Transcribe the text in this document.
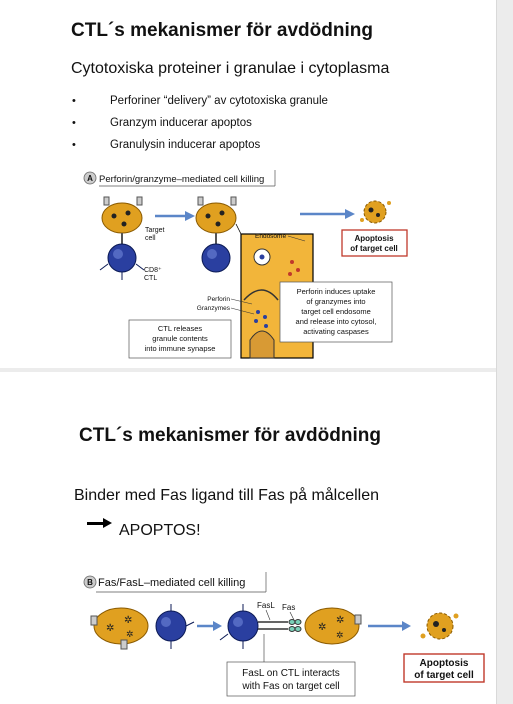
CTL´s mekanismer för avdödning
Cytotoxiska proteiner i granulae i cytoplasma
•	Perforiner “delivery” av cytotoxiska granule
•	Granzym inducerar apoptos
•	Granulysin inducerar apoptos
A Perforin/granzyme–mediated cell killing
Target
cell
CD8⁺
CTL
Endosome
Perforin
Granzymes
Perforin induces uptake
of granzymes into
target cell endosome
and release into cytosol,
activating caspases
CTL releases
granule contents
into immune synapse
Apoptosis
of target cell
CTL´s mekanismer för avdödning
Binder med Fas ligand till Fas på målcellen
APOPTOS!
B Fas/FasL–mediated cell killing
✲
✲
✲
FasL Fas
✲
✲
✲
FasL on CTL interacts
with Fas on target cell
Apoptosis
of target cell
